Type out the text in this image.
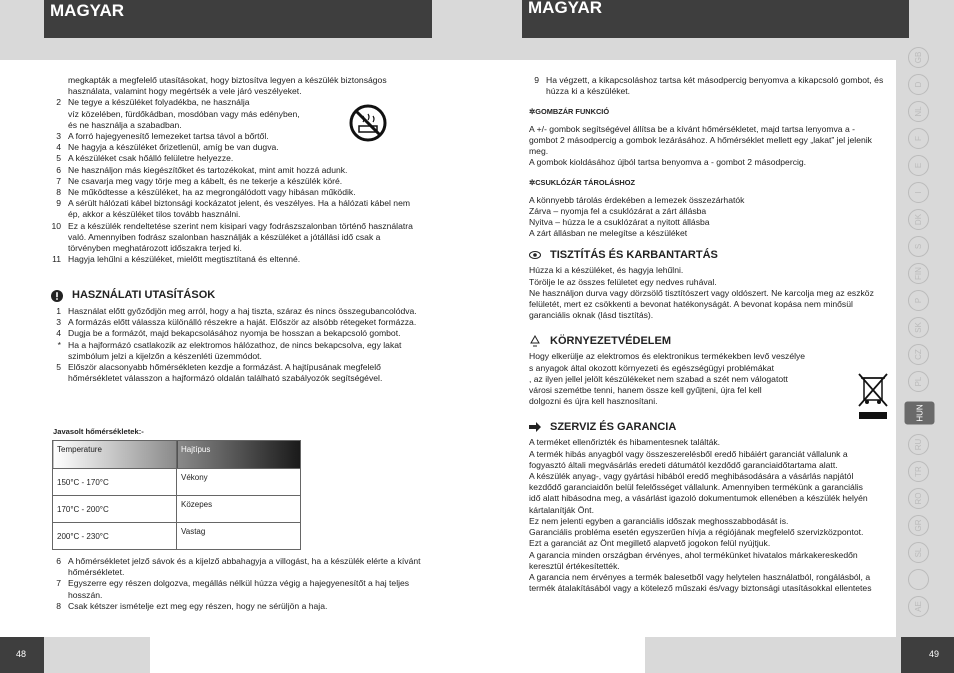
MAGYAR
megkapták a megfelelő utasításokat, hogy biztosítva legyen a készülék biztonságos
használata, valamint hogy megértsék a vele járó veszélyeket.
2 Ne tegye a készüléket folyadékba, ne használja
víz közelében, fürdőkádban, mosdóban vagy más edényben,
és ne használja a szabadban.
3 A forró hajegyenesítő lemezeket tartsa távol a bőrtől.
4 Ne hagyja a készüléket őrizetlenül, amíg be van dugva.
5 A készüléket csak hőálló felületre helyezze.
6 Ne használjon más kiegészítőket és tartozékokat, mint amit hozzá adunk.
7 Ne csavarja meg vagy törje meg a kábelt, és ne tekerje a készülék köré.
8 Ne működtesse a készüléket, ha az megrongálódott vagy hibásan működik.
9 A sérült hálózati kábel biztonsági kockázatot jelent, és veszélyes. Ha a hálózati kábel nem ép, akkor a készüléket tilos tovább használni.
10 Ez a készülék rendeltetése szerint nem kisipari vagy fodrászszalonban történő használatra való. Amennyiben fodrász szalonban használják a készüléket a jótállási idő csak a törvényben meghatározott időszakra terjed ki.
11 Hagyja lehűlni a készüléket, mielőtt megtisztítaná és eltenné.
HASZNÁLATI UTASÍTÁSOK
1 Használat előtt győződjön meg arról, hogy a haj tiszta, száraz és nincs összegubancolódva.
3 A formázás előtt válassza különálló részekre a haját. Először az alsóbb rétegeket formázza.
4 Dugja be a formázót, majd bekapcsolásához nyomja be hosszan a bekapcsoló gombot.
* Ha a hajformázó csatlakozik az elektromos hálózathoz, de nincs bekapcsolva, egy lakat szimbólum jelzi a kijelzőn a készenléti üzemmódot.
5 Először alacsonyabb hőmérsékleten kezdje a formázást. A hajtípusának megfelelő hőmérsékletet válasszon a hajformázó oldalán található szabályozók segítségével.
Javasolt hőmérsékletek:-
Temperature	Hajtípus
150°C - 170°C	Vékony
170°C - 200°C	Közepes
200°C - 230°C	Vastag
6 A hőmérsékletet jelző sávok és a kijelző abbahagyja a villogást, ha a készülék elérte a kívánt hőmérsékletet.
7 Egyszerre egy részen dolgozva, megállás nélkül húzza végig a hajegyenesítőt a haj teljes hosszán.
8 Csak kétszer ismételje ezt meg egy részen, hogy ne sérüljön a haja.
48
MAGYAR
9 Ha végzett, a kikapcsoláshoz tartsa két másodpercig benyomva a kikapcsoló gombot, és húzza ki a készüléket.
✲GOMBZÁR FUNKCIÓ
A +/- gombok segítségével állítsa be a kívánt hőmérsékletet, majd tartsa lenyomva a -
gombot 2 másodpercig a gombok lezárásához. A hőmérséklet mellett egy „lakat” jel jelenik
meg.
A gombok kioldásához újból tartsa benyomva a - gombot 2 másodpercig.
✲CSUKLÓZÁR TÁROLÁSHOZ
A könnyebb tárolás érdekében a lemezek összezárhatók
Zárva – nyomja fel a csuklózárat a zárt állásba
Nyitva – húzza le a csuklózárat a nyitott állásba
A zárt állásban ne melegítse a készüléket
TISZTÍTÁS ÉS KARBANTARTÁS
Húzza ki a készüléket, és hagyja lehűlni.
Törölje le az összes felületet egy nedves ruhával.
Ne használjon durva vagy dörzsölő tisztítószert vagy oldószert. Ne karcolja meg az eszköz
felületét, mert ez csökkenti a bevonat hatékonyságát. A bevonat kopása nem minősül
garanciális oknak (lásd tisztítás).
KÖRNYEZETVÉDELEM
Hogy elkerülje az elektromos és elektronikus termékekben levő veszélye
s anyagok által okozott környezeti és egészségügyi problémákat
, az ilyen jellel jelölt készülékeket nem szabad a szét nem válogatott
városi szemétbe tenni, hanem össze kell gyűjteni, újra fel kell
dolgozni és újra kell hasznosítani.
SZERVIZ ÉS GARANCIA
A terméket ellenőrizték és hibamentesnek találták.
A termék hibás anyagból vagy összeszerelésből eredő hibáiért garanciát vállalunk a
fogyasztó általi megvásárlás eredeti dátumától kezdődő garanciaidőtartama alatt.
A készülék anyag-, vagy gyártási hibából eredő meghibásodására a vásárlás napjától
kezdődő garanciaidőn belül felelősséget vállalunk. Amennyiben termékünk a garanciális
idő alatt hibásodna meg, a vásárlást igazoló dokumentumok ellenében a készülék helyén
kártalanítják Önt.
Ez nem jelenti egyben a garanciális időszak meghosszabbodását is.
Garanciális probléma esetén egyszerűen hívja a régiójának megfelelő szervizközpontot.
Ezt a garanciát az Önt megillető alapvető jogokon felül nyújtjuk.
A garancia minden országban érvényes, ahol termékünket hivatalos márkakereskedőn
keresztül értékesítették.
A garancia nem érvényes a termék balesetből vagy helytelen használatból, rongálásból, a
termék átalakításából vagy a kötelező műszaki és/vagy biztonsági utasításokkal ellentetes
GB
D
NL
F
E
I
DK
S
FIN
P
SK
CZ
PL
HUN
RU
TR
RO
GR
SL
AE
49
